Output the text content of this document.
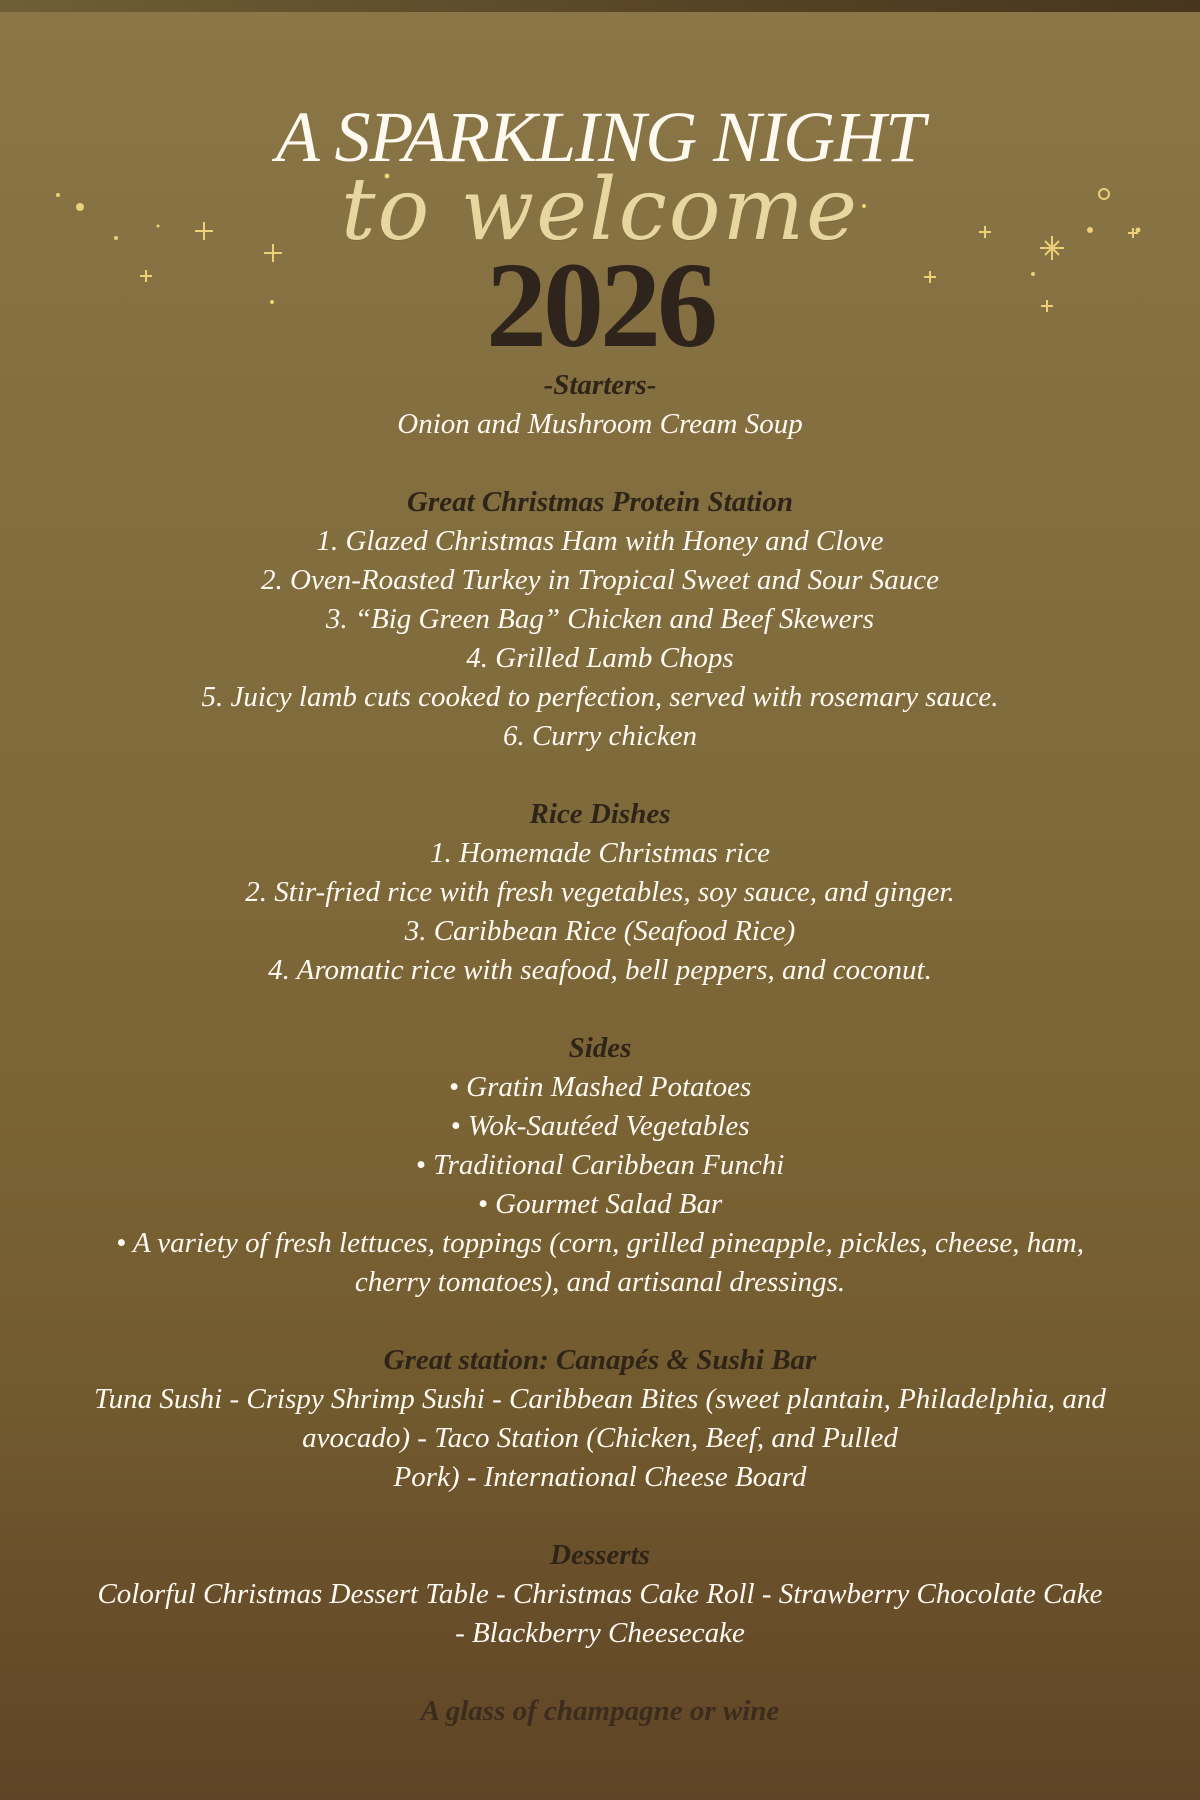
A SPARKLING NIGHT
to welcome
2026
-Starters-
Onion and Mushroom Cream Soup
Great Christmas Protein Station
1. Glazed Christmas Ham with Honey and Clove
2. Oven-Roasted Turkey in Tropical Sweet and Sour Sauce
3. “Big Green Bag” Chicken and Beef Skewers
4. Grilled Lamb Chops
5. Juicy lamb cuts cooked to perfection, served with rosemary sauce.
6. Curry chicken
Rice Dishes
1. Homemade Christmas rice
2. Stir-fried rice with fresh vegetables, soy sauce, and ginger.
3. Caribbean Rice (Seafood Rice)
4. Aromatic rice with seafood, bell peppers, and coconut.
Sides
• Gratin Mashed Potatoes
• Wok-Sautéed Vegetables
• Traditional Caribbean Funchi
• Gourmet Salad Bar
• A variety of fresh lettuces, toppings (corn, grilled pineapple, pickles, cheese, ham,
cherry tomatoes), and artisanal dressings.
Great station: Canapés & Sushi Bar
Tuna Sushi - Crispy Shrimp Sushi - Caribbean Bites (sweet plantain, Philadelphia, and
avocado) - Taco Station (Chicken, Beef, and Pulled
Pork) - International Cheese Board
Desserts
Colorful Christmas Dessert Table - Christmas Cake Roll - Strawberry Chocolate Cake
- Blackberry Cheesecake
A glass of champagne or wine
